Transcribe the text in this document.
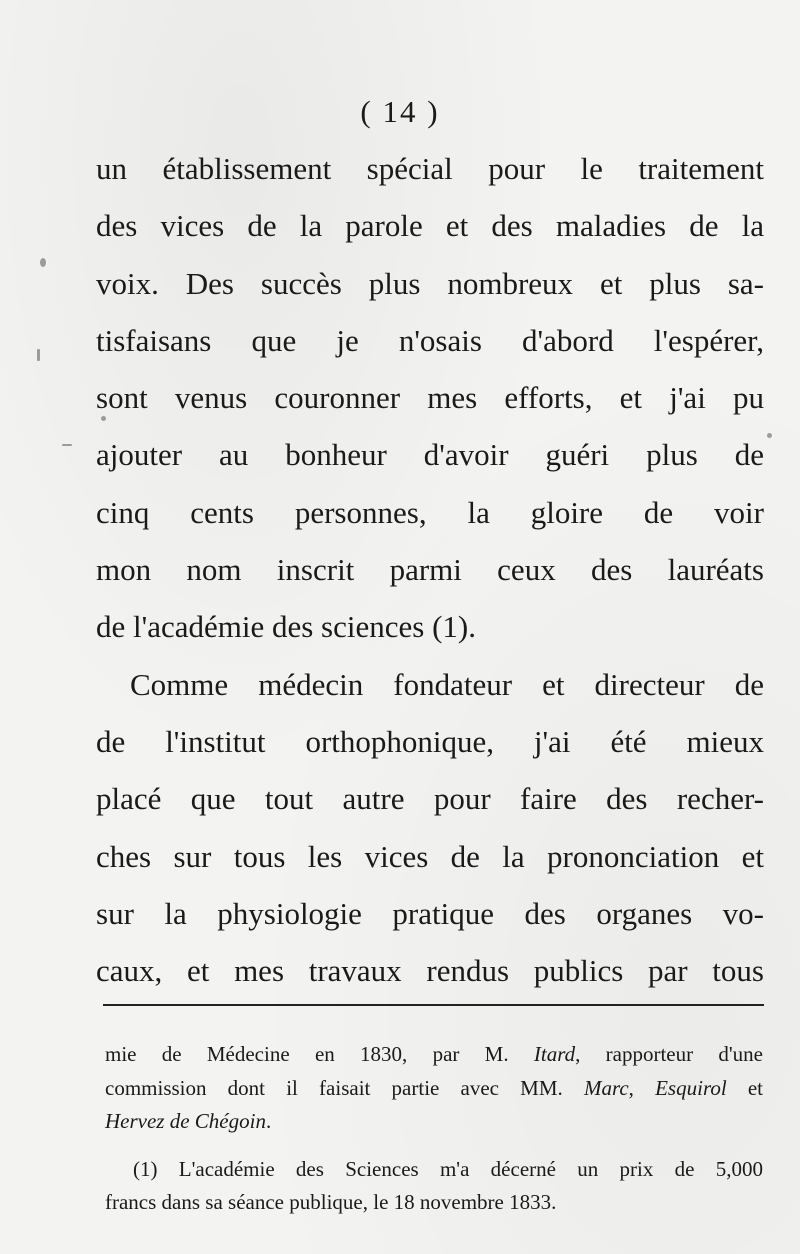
( 14 )
un établissement spécial pour le traitement
des vices de la parole et des maladies de la
voix. Des succès plus nombreux et plus sa-
tisfaisans que je n'osais d'abord l'espérer,
sont venus couronner mes efforts, et j'ai pu
ajouter au bonheur d'avoir guéri plus de
cinq cents personnes, la gloire de voir
mon nom inscrit parmi ceux des lauréats
de l'académie des sciences (1).
Comme médecin fondateur et directeur de
de l'institut orthophonique, j'ai été mieux
placé que tout autre pour faire des recher-
ches sur tous les vices de la prononciation et
sur la physiologie pratique des organes vo-
caux, et mes travaux rendus publics par tous
mie de Médecine en 1830, par M. Itard, rapporteur d'une
commission dont il faisait partie avec MM. Marc, Esquirol et
Hervez de Chégoin.
(1) L'académie des Sciences m'a décerné un prix de 5,000
francs dans sa séance publique, le 18 novembre 1833.
